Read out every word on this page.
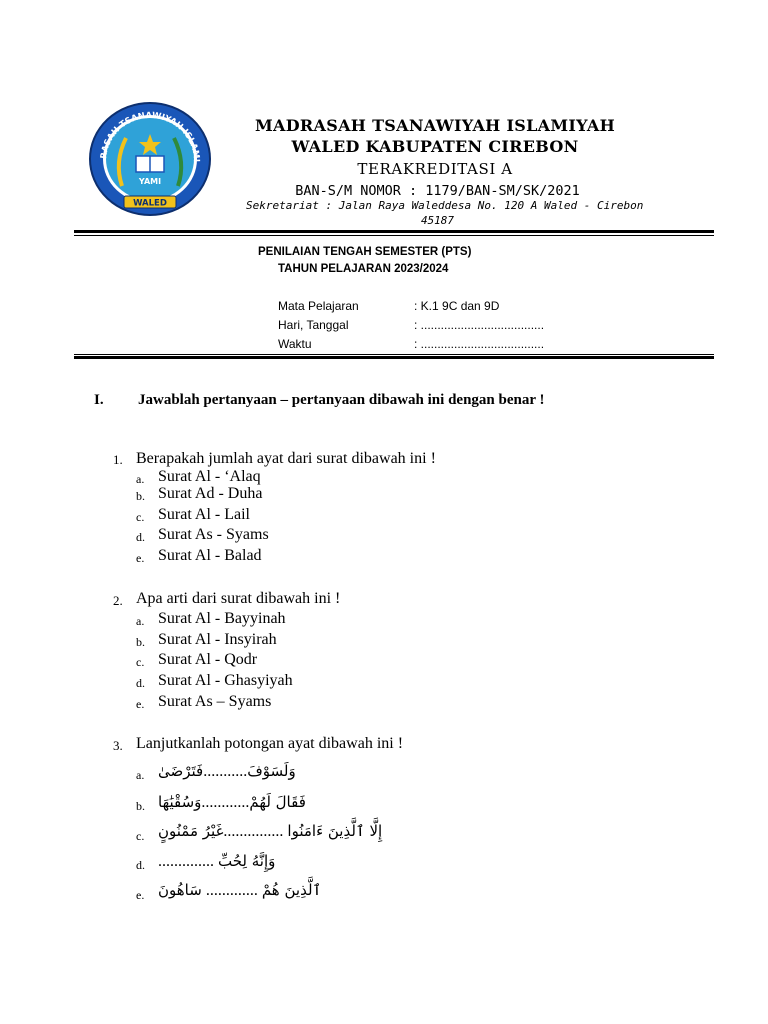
RASAH TSANAWIYAH ISLAMI
YAMI
WALED
MADRASAH TSANAWIYAH ISLAMIYAH
WALED KABUPATEN CIREBON
TERAKREDITASI A
BAN-S/M NOMOR : 1179/BAN-SM/SK/2021
Sekretariat : Jalan Raya Waleddesa No. 120 A Waled - Cirebon
45187
PENILAIAN TENGAH SEMESTER (PTS)
TAHUN PELAJARAN 2023/2024
Mata Pelajaran	: K.1 9C dan 9D
Hari, Tanggal	: .....................................
Waktu	: .....................................
I. Jawablah pertanyaan – pertanyaan dibawah ini dengan benar !
1. Berapakah jumlah ayat dari surat dibawah ini !
a. Surat Al - ‘Alaq
b. Surat Ad - Duha
c. Surat Al - Lail
d. Surat As - Syams
e. Surat Al - Balad
2. Apa arti dari surat dibawah ini !
a. Surat Al - Bayyinah
b. Surat Al - Insyirah
c. Surat Al - Qodr
d. Surat Al - Ghasyiyah
e. Surat As – Syams
3. Lanjutkanlah potongan ayat dibawah ini !
a. فَتَرْضَىٰ...........وَلَسَوْفَ
b. وَسُقْيَٰهَا............فَقَالَ لَهُمْ
c. غَيْرُ مَمْنُونٍ............... إِلَّا ٱلَّذِينَ ءَامَنُوا
d. .............. وَإِنَّهُ لِحُبِّ
e. سَاهُونَ ............. ٱلَّذِينَ هُمْ
